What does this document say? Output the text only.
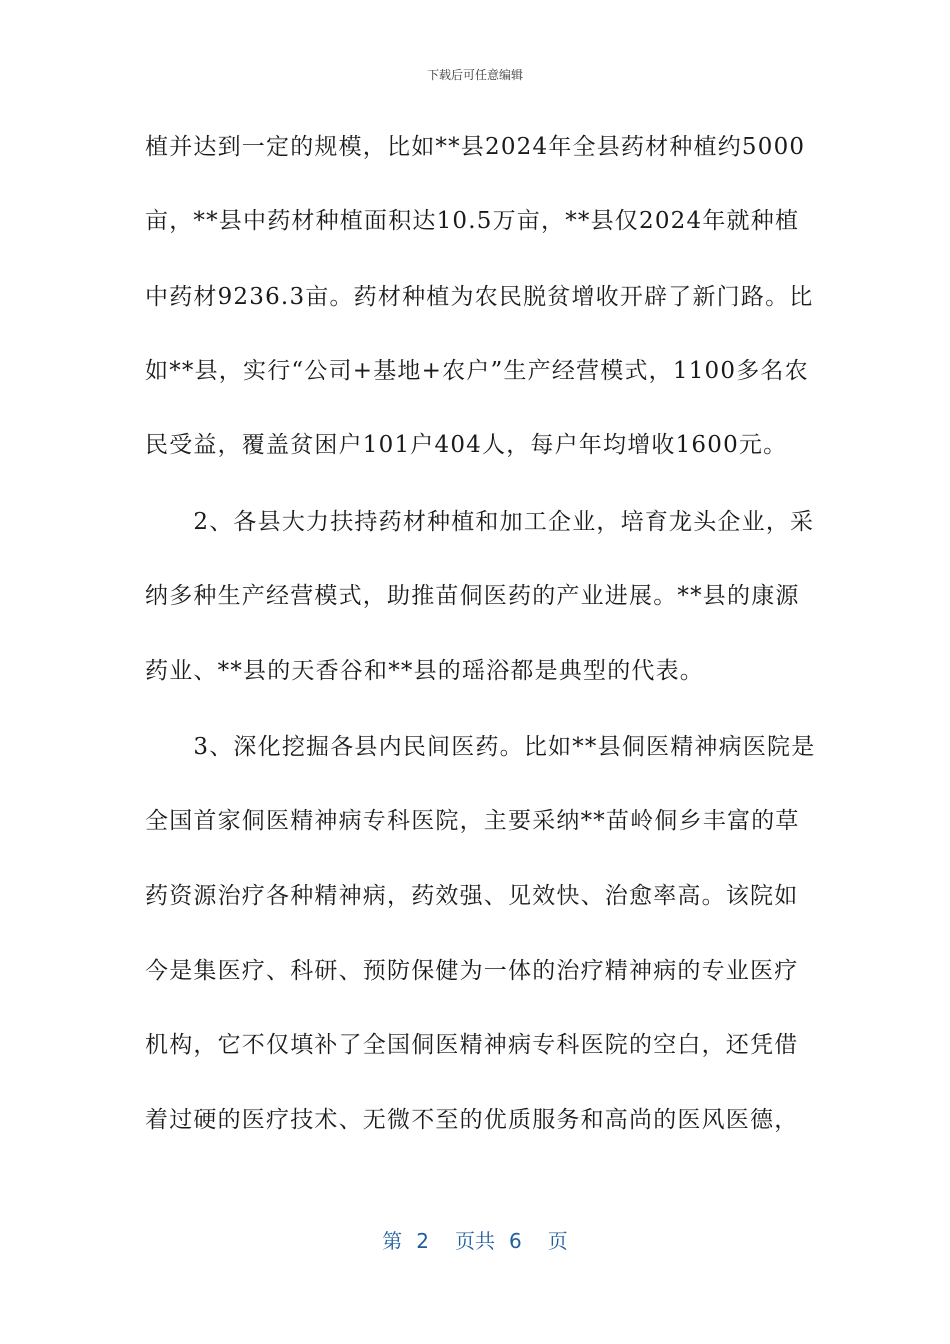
下载后可任意编辑
植并达到一定的规模，比如**县2024年全县药材种植约5000
亩，**县中药材种植面积达10.5万亩，**县仅2024年就种植
中药材9236.3亩。药材种植为农民脱贫增收开辟了新门路。比
如**县，实行“公司+基地+农户”生产经营模式，1100多名农
民受益，覆盖贫困户101户404人，每户年均增收1600元。
　　2、各县大力扶持药材种植和加工企业，培育龙头企业，采
纳多种生产经营模式，助推苗侗医药的产业进展。**县的康源
药业、**县的天香谷和**县的瑶浴都是典型的代表。
　　3、深化挖掘各县内民间医药。比如**县侗医精神病医院是
全国首家侗医精神病专科医院，主要采纳**苗岭侗乡丰富的草
药资源治疗各种精神病，药效强、见效快、治愈率高。该院如
今是集医疗、科研、预防保健为一体的治疗精神病的专业医疗
机构，它不仅填补了全国侗医精神病专科医院的空白，还凭借
着过硬的医疗技术、无微不至的优质服务和高尚的医风医德，
第 2 页共 6 页
